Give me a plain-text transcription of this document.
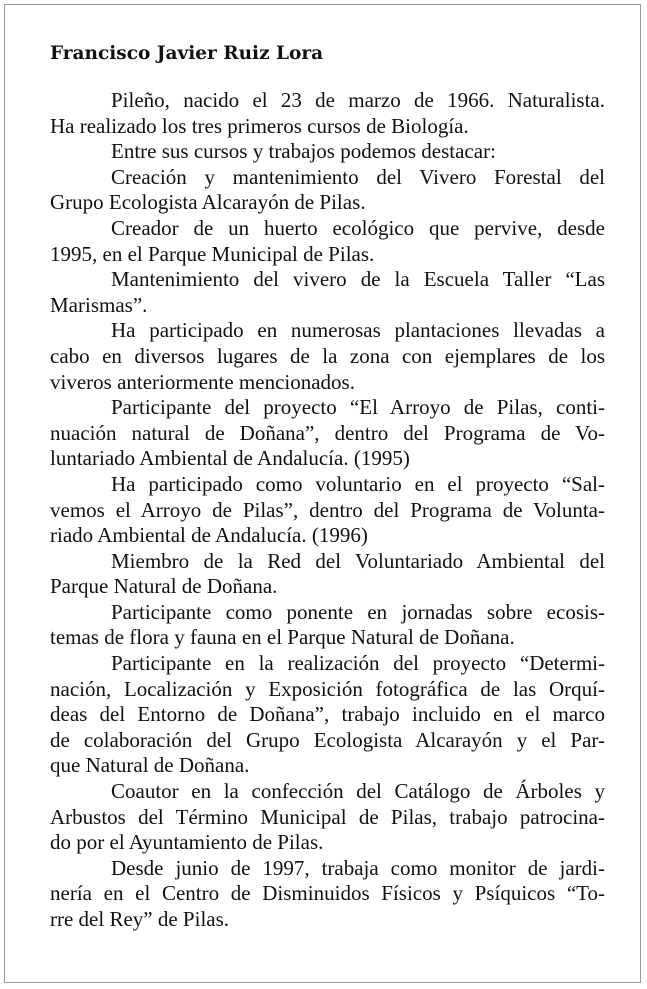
Francisco Javier Ruiz Lora

Pileño, nacido el 23 de marzo de 1966. Naturalista.
Ha realizado los tres primeros cursos de Biología.

Entre sus cursos y trabajos podemos destacar:

Creación y mantenimiento del Vivero Forestal del
Grupo Ecologista Alcarayón de Pilas.

Creador de un huerto ecológico que pervive, desde
1995, en el Parque Municipal de Pilas.

Mantenimiento del vivero de la Escuela Taller “Las
Marismas”.

Ha participado en numerosas plantaciones llevadas a
cabo en diversos lugares de la zona con ejemplares de los
viveros anteriormente mencionados.

Participante del proyecto “El Arroyo de Pilas, conti-
nuación natural de Doñana”, dentro del Programa de Vo-
luntariado Ambiental de Andalucía. (1995)

Ha participado como voluntario en el proyecto “Sal-
vemos el Arroyo de Pilas”, dentro del Programa de Volunta-
riado Ambiental de Andalucía. (1996)

Miembro de la Red del Voluntariado Ambiental del
Parque Natural de Doñana.

Participante como ponente en jornadas sobre ecosis-
temas de flora y fauna en el Parque Natural de Doñana.

Participante en la realización del proyecto “Determi-
nación, Localización y Exposición fotográfica de las Orquí-
deas del Entorno de Doñana”, trabajo incluido en el marco
de colaboración del Grupo Ecologista Alcarayón y el Par-
que Natural de Doñana.

Coautor en la confección del Catálogo de Árboles y
Arbustos del Término Municipal de Pilas, trabajo patrocina-
do por el Ayuntamiento de Pilas.

Desde junio de 1997, trabaja como monitor de jardi-
nería en el Centro de Disminuidos Físicos y Psíquicos “To-
rre del Rey” de Pilas.
